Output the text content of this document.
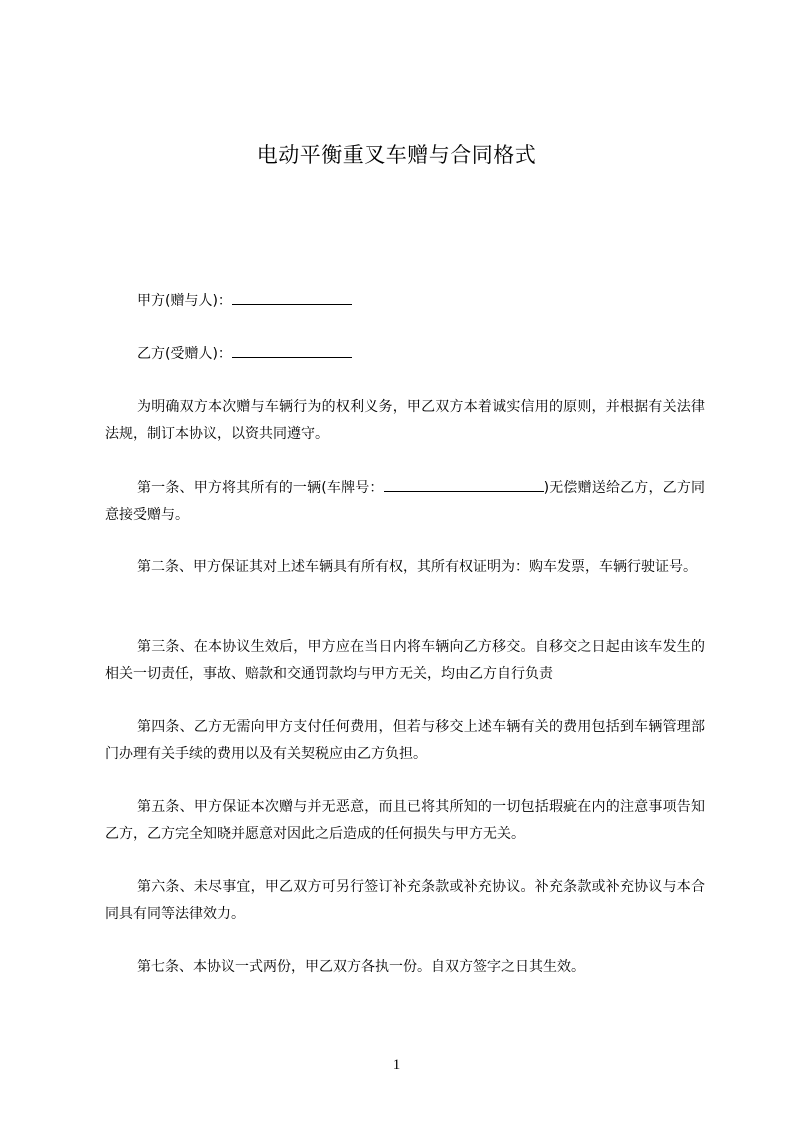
电动平衡重叉车赠与合同格式
甲方(赠与人)：
乙方(受赠人)：
为明确双方本次赠与车辆行为的权利义务，甲乙双方本着诚实信用的原则，并根据有关法律法规，制订本协议，以资共同遵守。
第一条、甲方将其所有的一辆(车牌号：	)无偿赠送给乙方，乙方同意接受赠与。
第二条、甲方保证其对上述车辆具有所有权，其所有权证明为：购车发票，车辆行驶证号。
第三条、在本协议生效后，甲方应在当日内将车辆向乙方移交。自移交之日起由该车发生的相关一切责任，事故、赔款和交通罚款均与甲方无关，均由乙方自行负责
第四条、乙方无需向甲方支付任何费用，但若与移交上述车辆有关的费用包括到车辆管理部门办理有关手续的费用以及有关契税应由乙方负担。
第五条、甲方保证本次赠与并无恶意，而且已将其所知的一切包括瑕疵在内的注意事项告知乙方，乙方完全知晓并愿意对因此之后造成的任何损失与甲方无关。
第六条、未尽事宜，甲乙双方可另行签订补充条款或补充协议。补充条款或补充协议与本合同具有同等法律效力。
第七条、本协议一式两份，甲乙双方各执一份。自双方签字之日其生效。
1
